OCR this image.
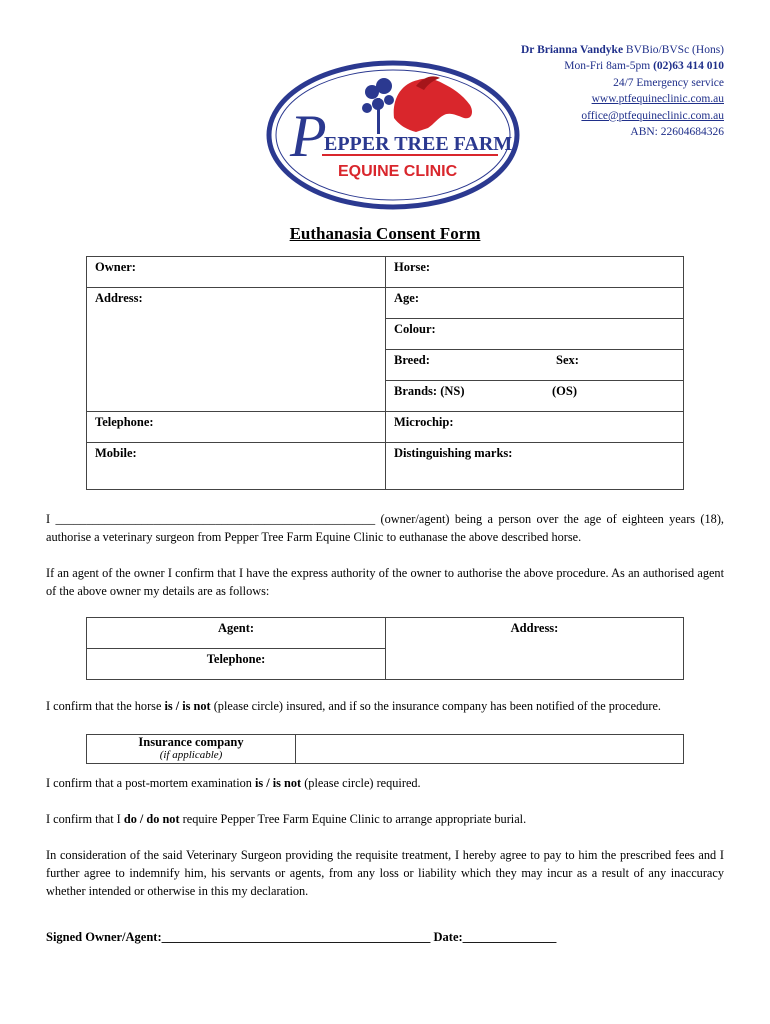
Dr Brianna Vandyke BVBio/BVSc (Hons)
Mon-Fri 8am-5pm (02)63 414 010
24/7 Emergency service
www.ptfequineclinic.com.au
office@ptfequineclinic.com.au
ABN: 22604684326
P
EPPER TREE FARM
EQUINE CLINIC
Euthanasia Consent Form
Owner:	Horse:
Address:	Age:
	Colour:
	Breed: Sex:
	Brands: (NS) (OS)
Telephone:	Microchip:
Mobile:	Distinguishing marks:
I ____________________________________________________ (owner/agent) being a person over the age of eighteen years (18), authorise a veterinary surgeon from Pepper Tree Farm Equine Clinic to euthanase the above described horse.
If an agent of the owner I confirm that I have the express authority of the owner to authorise the above procedure. As an authorised agent of the above owner my details are as follows:
Agent:	Address:
Telephone:
I confirm that the horse is / is not (please circle) insured, and if so the insurance company has been notified of the procedure.
Insurance company
(if applicable)

I confirm that a post-mortem examination is / is not (please circle) required.
I confirm that I do / do not require Pepper Tree Farm Equine Clinic to arrange appropriate burial.
In consideration of the said Veterinary Surgeon providing the requisite treatment, I hereby agree to pay to him the prescribed fees and I further agree to indemnify him, his servants or agents, from any loss or liability which they may incur as a result of any inaccuracy whether intended or otherwise in this my declaration.
Signed Owner/Agent:___________________________________________ Date:_______________
